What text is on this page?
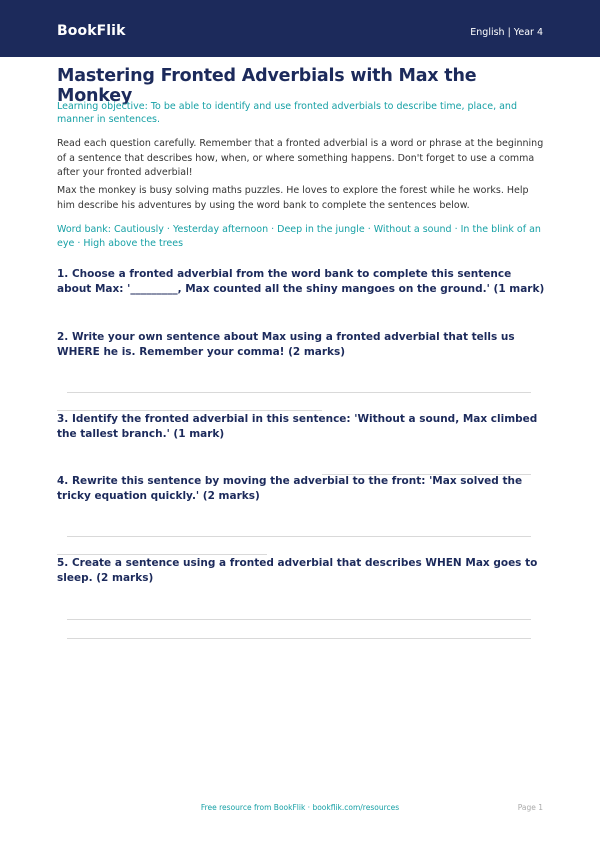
BookFlik	English | Year 4
Mastering Fronted Adverbials with Max the Monkey

Learning objective: To be able to identify and use fronted adverbials to describe time, place, and manner in sentences.

Read each question carefully. Remember that a fronted adverbial is a word or phrase at the beginning of a sentence that describes how, when, or where something happens. Don't forget to use a comma after your fronted adverbial!

Max the monkey is busy solving maths puzzles. He loves to explore the forest while he works. Help him describe his adventures by using the word bank to complete the sentences below.

Word bank: Cautiously · Yesterday afternoon · Deep in the jungle · Without a sound · In the blink of an eye · High above the trees

1. Choose a fronted adverbial from the word bank to complete this sentence about Max: '_________, Max counted all the shiny mangoes on the ground.' (1 mark)

2. Write your own sentence about Max using a fronted adverbial that tells us WHERE he is. Remember your comma! (2 marks)

3. Identify the fronted adverbial in this sentence: 'Without a sound, Max climbed the tallest branch.' (1 mark)

4. Rewrite this sentence by moving the adverbial to the front: 'Max solved the tricky equation quickly.' (2 marks)

5. Create a sentence using a fronted adverbial that describes WHEN Max goes to sleep. (2 marks)

Free resource from BookFlik · bookflik.com/resources	Page 1
